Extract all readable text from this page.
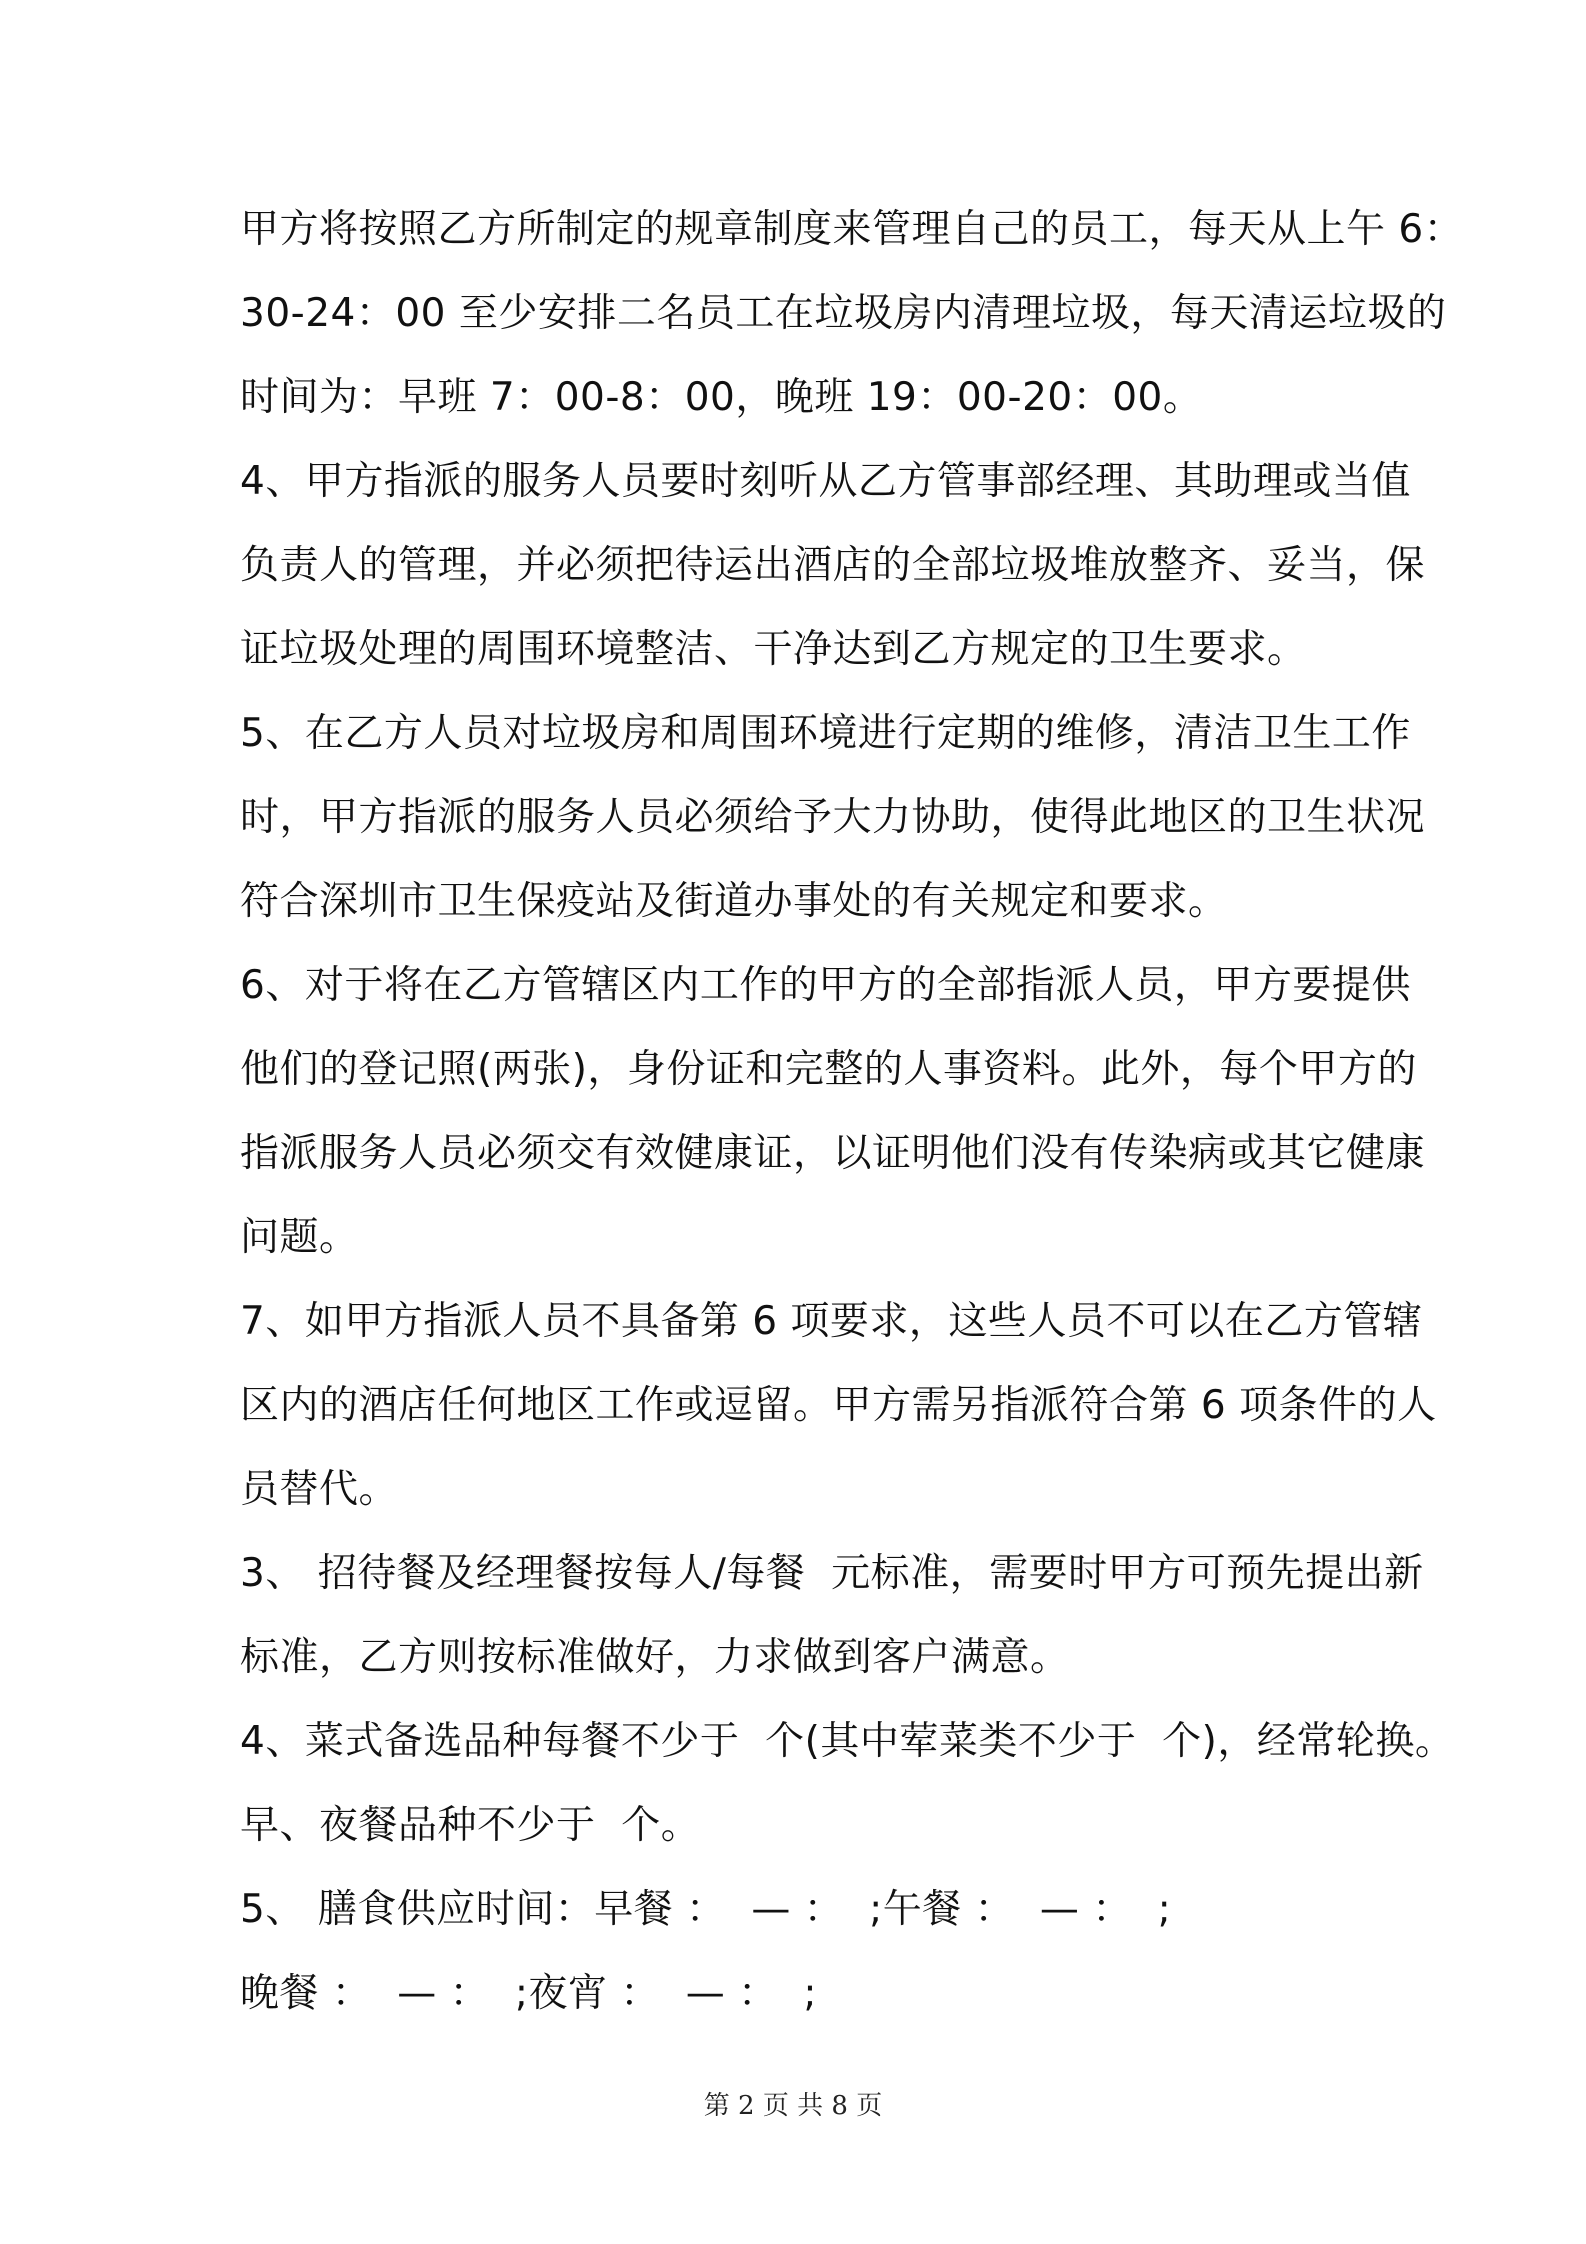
甲方将按照乙方所制定的规章制度来管理自己的员工，每天从上午 6：
30-24：00 至少安排二名员工在垃圾房内清理垃圾，每天清运垃圾的
时间为：早班 7：00-8：00，晚班 19：00-20：00。
4、甲方指派的服务人员要时刻听从乙方管事部经理、其助理或当值
负责人的管理，并必须把待运出酒店的全部垃圾堆放整齐、妥当，保
证垃圾处理的周围环境整洁、干净达到乙方规定的卫生要求。
5、在乙方人员对垃圾房和周围环境进行定期的维修，清洁卫生工作
时，甲方指派的服务人员必须给予大力协助，使得此地区的卫生状况
符合深圳市卫生保疫站及街道办事处的有关规定和要求。
6、对于将在乙方管辖区内工作的甲方的全部指派人员，甲方要提供
他们的登记照(两张)，身份证和完整的人事资料。此外，每个甲方的
指派服务人员必须交有效健康证，以证明他们没有传染病或其它健康
问题。
7、如甲方指派人员不具备第 6 项要求，这些人员不可以在乙方管辖
区内的酒店任何地区工作或逗留。甲方需另指派符合第 6 项条件的人
员替代。
3、 招待餐及经理餐按每人/每餐  元标准，需要时甲方可预先提出新
标准，乙方则按标准做好，力求做到客户满意。
4、菜式备选品种每餐不少于  个(其中荤菜类不少于  个)，经常轮换。
早、夜餐品种不少于  个。
5、 膳食供应时间：早餐 ：  — ：  ;午餐 ：  — ：  ;
晚餐 ：  — ：  ;夜宵 ：  — ：  ;
第 2 页 共 8 页
